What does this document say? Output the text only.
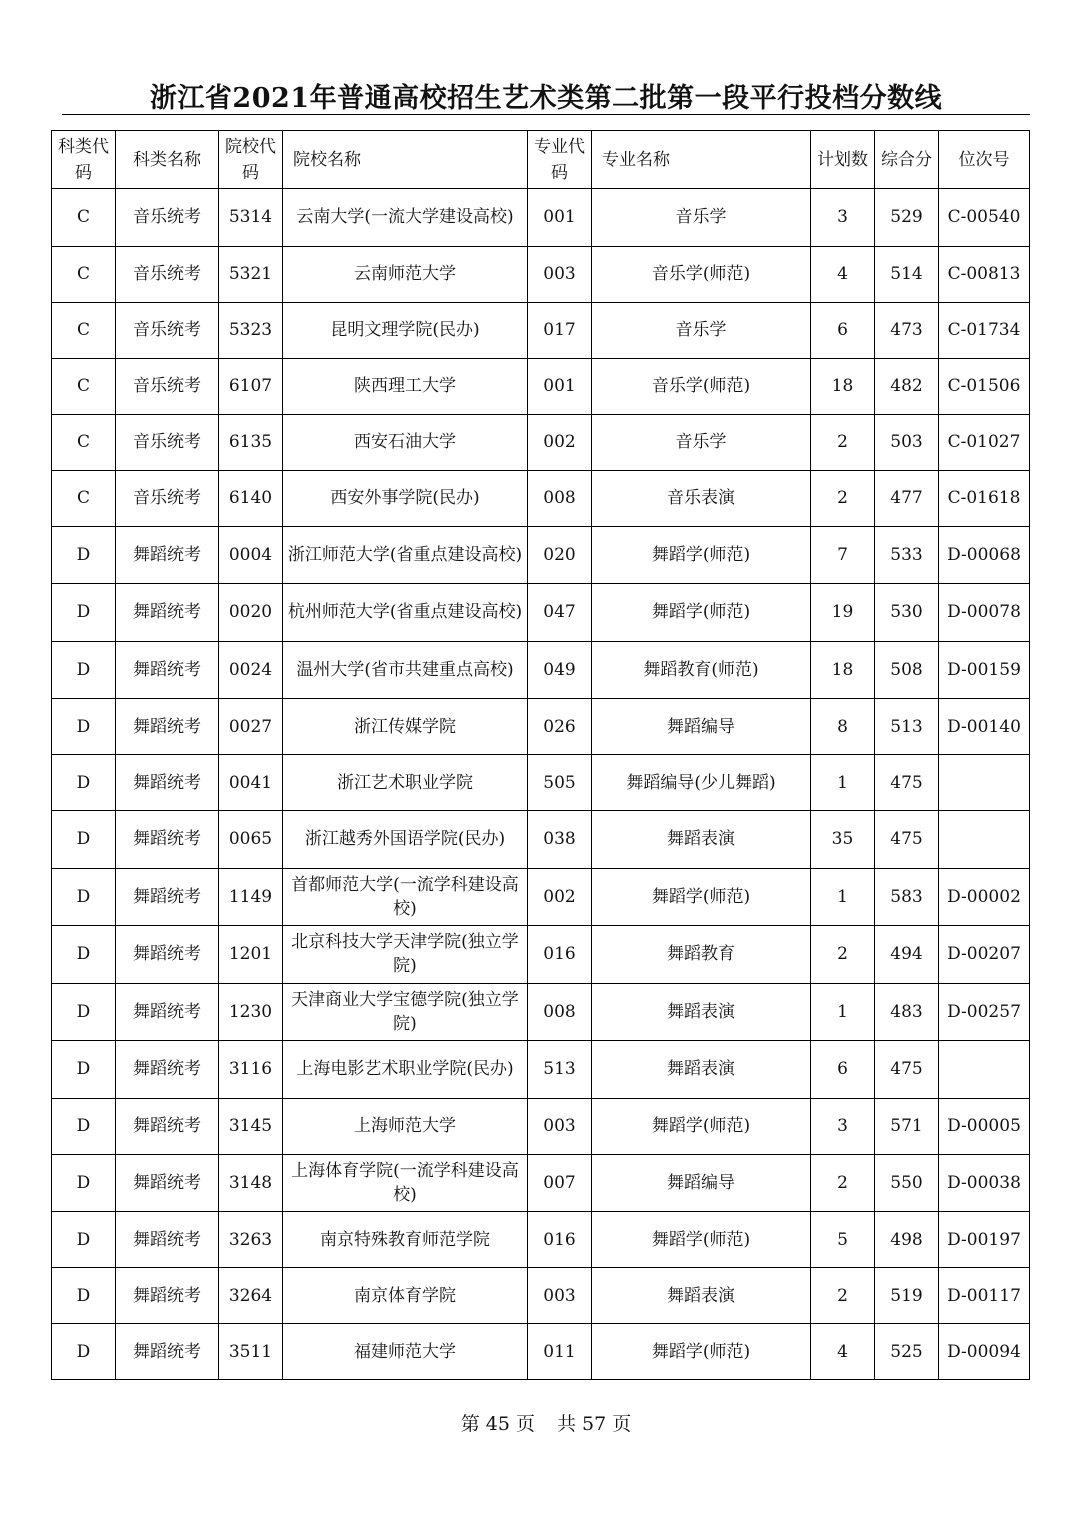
浙江省2021年普通高校招生艺术类第二批第一段平行投档分数线
科类代码	科类名称	院校代码	院校名称	专业代码	专业名称	计划数	综合分	位次号
C	音乐统考	5314	云南大学(一流大学建设高校)	001	音乐学	3	529	C-00540
C	音乐统考	5321	云南师范大学	003	音乐学(师范)	4	514	C-00813
C	音乐统考	5323	昆明文理学院(民办)	017	音乐学	6	473	C-01734
C	音乐统考	6107	陕西理工大学	001	音乐学(师范)	18	482	C-01506
C	音乐统考	6135	西安石油大学	002	音乐学	2	503	C-01027
C	音乐统考	6140	西安外事学院(民办)	008	音乐表演	2	477	C-01618
D	舞蹈统考	0004	浙江师范大学(省重点建设高校)	020	舞蹈学(师范)	7	533	D-00068
D	舞蹈统考	0020	杭州师范大学(省重点建设高校)	047	舞蹈学(师范)	19	530	D-00078
D	舞蹈统考	0024	温州大学(省市共建重点高校)	049	舞蹈教育(师范)	18	508	D-00159
D	舞蹈统考	0027	浙江传媒学院	026	舞蹈编导	8	513	D-00140
D	舞蹈统考	0041	浙江艺术职业学院	505	舞蹈编导(少儿舞蹈)	1	475	
D	舞蹈统考	0065	浙江越秀外国语学院(民办)	038	舞蹈表演	35	475	
D	舞蹈统考	1149	首都师范大学(一流学科建设高校)	002	舞蹈学(师范)	1	583	D-00002
D	舞蹈统考	1201	北京科技大学天津学院(独立学院)	016	舞蹈教育	2	494	D-00207
D	舞蹈统考	1230	天津商业大学宝德学院(独立学院)	008	舞蹈表演	1	483	D-00257
D	舞蹈统考	3116	上海电影艺术职业学院(民办)	513	舞蹈表演	6	475	
D	舞蹈统考	3145	上海师范大学	003	舞蹈学(师范)	3	571	D-00005
D	舞蹈统考	3148	上海体育学院(一流学科建设高校)	007	舞蹈编导	2	550	D-00038
D	舞蹈统考	3263	南京特殊教育师范学院	016	舞蹈学(师范)	5	498	D-00197
D	舞蹈统考	3264	南京体育学院	003	舞蹈表演	2	519	D-00117
D	舞蹈统考	3511	福建师范大学	011	舞蹈学(师范)	4	525	D-00094
第 45 页 共 57 页
